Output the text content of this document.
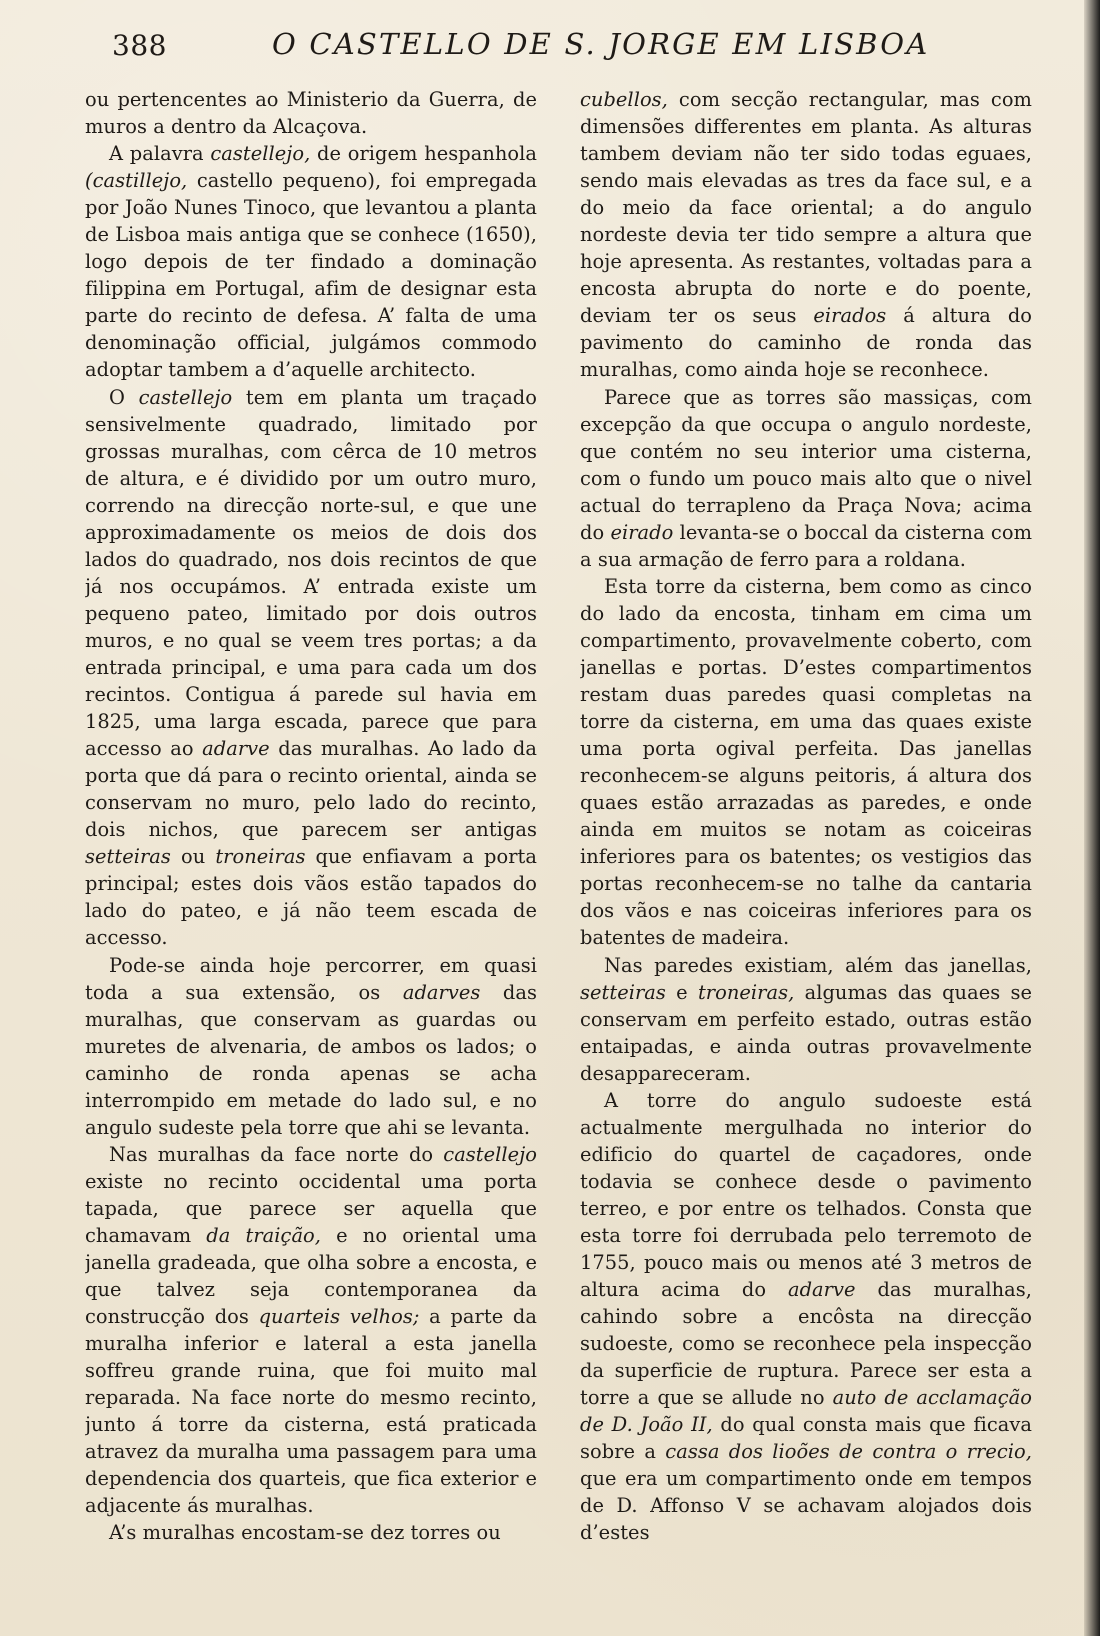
388	O CASTELLO DE S. JORGE EM LISBOA

ou pertencentes ao Ministerio da Guerra, de muros a dentro da Alcaçova.

A palavra castellejo, de origem hespanhola (castillejo, castello pequeno), foi empregada por João Nunes Tinoco, que levantou a planta de Lisboa mais antiga que se conhece (1650), logo depois de ter findado a dominação filippina em Portugal, afim de designar esta parte do recinto de defesa. A’ falta de uma denominação official, julgámos commodo adoptar tambem a d’aquelle architecto.

O castellejo tem em planta um traçado sensivelmente quadrado, limitado por grossas muralhas, com cêrca de 10 metros de altura, e é dividido por um outro muro, correndo na direcção norte-sul, e que une approximadamente os meios de dois dos lados do quadrado, nos dois recintos de que já nos occupámos. A’ entrada existe um pequeno pateo, limitado por dois outros muros, e no qual se veem tres portas; a da entrada principal, e uma para cada um dos recintos. Contigua á parede sul havia em 1825, uma larga escada, parece que para accesso ao adarve das muralhas. Ao lado da porta que dá para o recinto oriental, ainda se conservam no muro, pelo lado do recinto, dois nichos, que parecem ser antigas setteiras ou troneiras que enfiavam a porta principal; estes dois vãos estão tapados do lado do pateo, e já não teem escada de accesso.

Pode-se ainda hoje percorrer, em quasi toda a sua extensão, os adarves das muralhas, que conservam as guardas ou muretes de alvenaria, de ambos os lados; o caminho de ronda apenas se acha interrompido em metade do lado sul, e no angulo sudeste pela torre que ahi se levanta.

Nas muralhas da face norte do castellejo existe no recinto occidental uma porta tapada, que parece ser aquella que chamavam da traição, e no oriental uma janella gradeada, que olha sobre a encosta, e que talvez seja contemporanea da construcção dos quarteis velhos; a parte da muralha inferior e lateral a esta janella soffreu grande ruina, que foi muito mal reparada. Na face norte do mesmo recinto, junto á torre da cisterna, está praticada atravez da muralha uma passagem para uma dependencia dos quarteis, que fica exterior e adjacente ás muralhas.

A’s muralhas encostam-se dez torres ou

cubellos, com secção rectangular, mas com dimensões differentes em planta. As alturas tambem deviam não ter sido todas eguaes, sendo mais elevadas as tres da face sul, e a do meio da face oriental; a do angulo nordeste devia ter tido sempre a altura que hoje apresenta. As restantes, voltadas para a encosta abrupta do norte e do poente, deviam ter os seus eirados á altura do pavimento do caminho de ronda das muralhas, como ainda hoje se reconhece.

Parece que as torres são massiças, com excepção da que occupa o angulo nordeste, que contém no seu interior uma cisterna, com o fundo um pouco mais alto que o nivel actual do terrapleno da Praça Nova; acima do eirado levanta-se o boccal da cisterna com a sua armação de ferro para a roldana.

Esta torre da cisterna, bem como as cinco do lado da encosta, tinham em cima um compartimento, provavelmente coberto, com janellas e portas. D’estes compartimentos restam duas paredes quasi completas na torre da cisterna, em uma das quaes existe uma porta ogival perfeita. Das janellas reconhecem-se alguns peitoris, á altura dos quaes estão arrazadas as paredes, e onde ainda em muitos se notam as coiceiras inferiores para os batentes; os vestigios das portas reconhecem-se no talhe da cantaria dos vãos e nas coiceiras inferiores para os batentes de madeira.

Nas paredes existiam, além das janellas, setteiras e troneiras, algumas das quaes se conservam em perfeito estado, outras estão entaipadas, e ainda outras provavelmente desappareceram.

A torre do angulo sudoeste está actualmente mergulhada no interior do edificio do quartel de caçadores, onde todavia se conhece desde o pavimento terreo, e por entre os telhados. Consta que esta torre foi derrubada pelo terremoto de 1755, pouco mais ou menos até 3 metros de altura acima do adarve das muralhas, cahindo sobre a encôsta na direcção sudoeste, como se reconhece pela inspecção da superficie de ruptura. Parece ser esta a torre a que se allude no auto de acclamação de D. João II, do qual consta mais que ficava sobre a cassa dos lioões de contra o rrecio, que era um compartimento onde em tempos de D. Affonso V se achavam alojados dois d’estes
